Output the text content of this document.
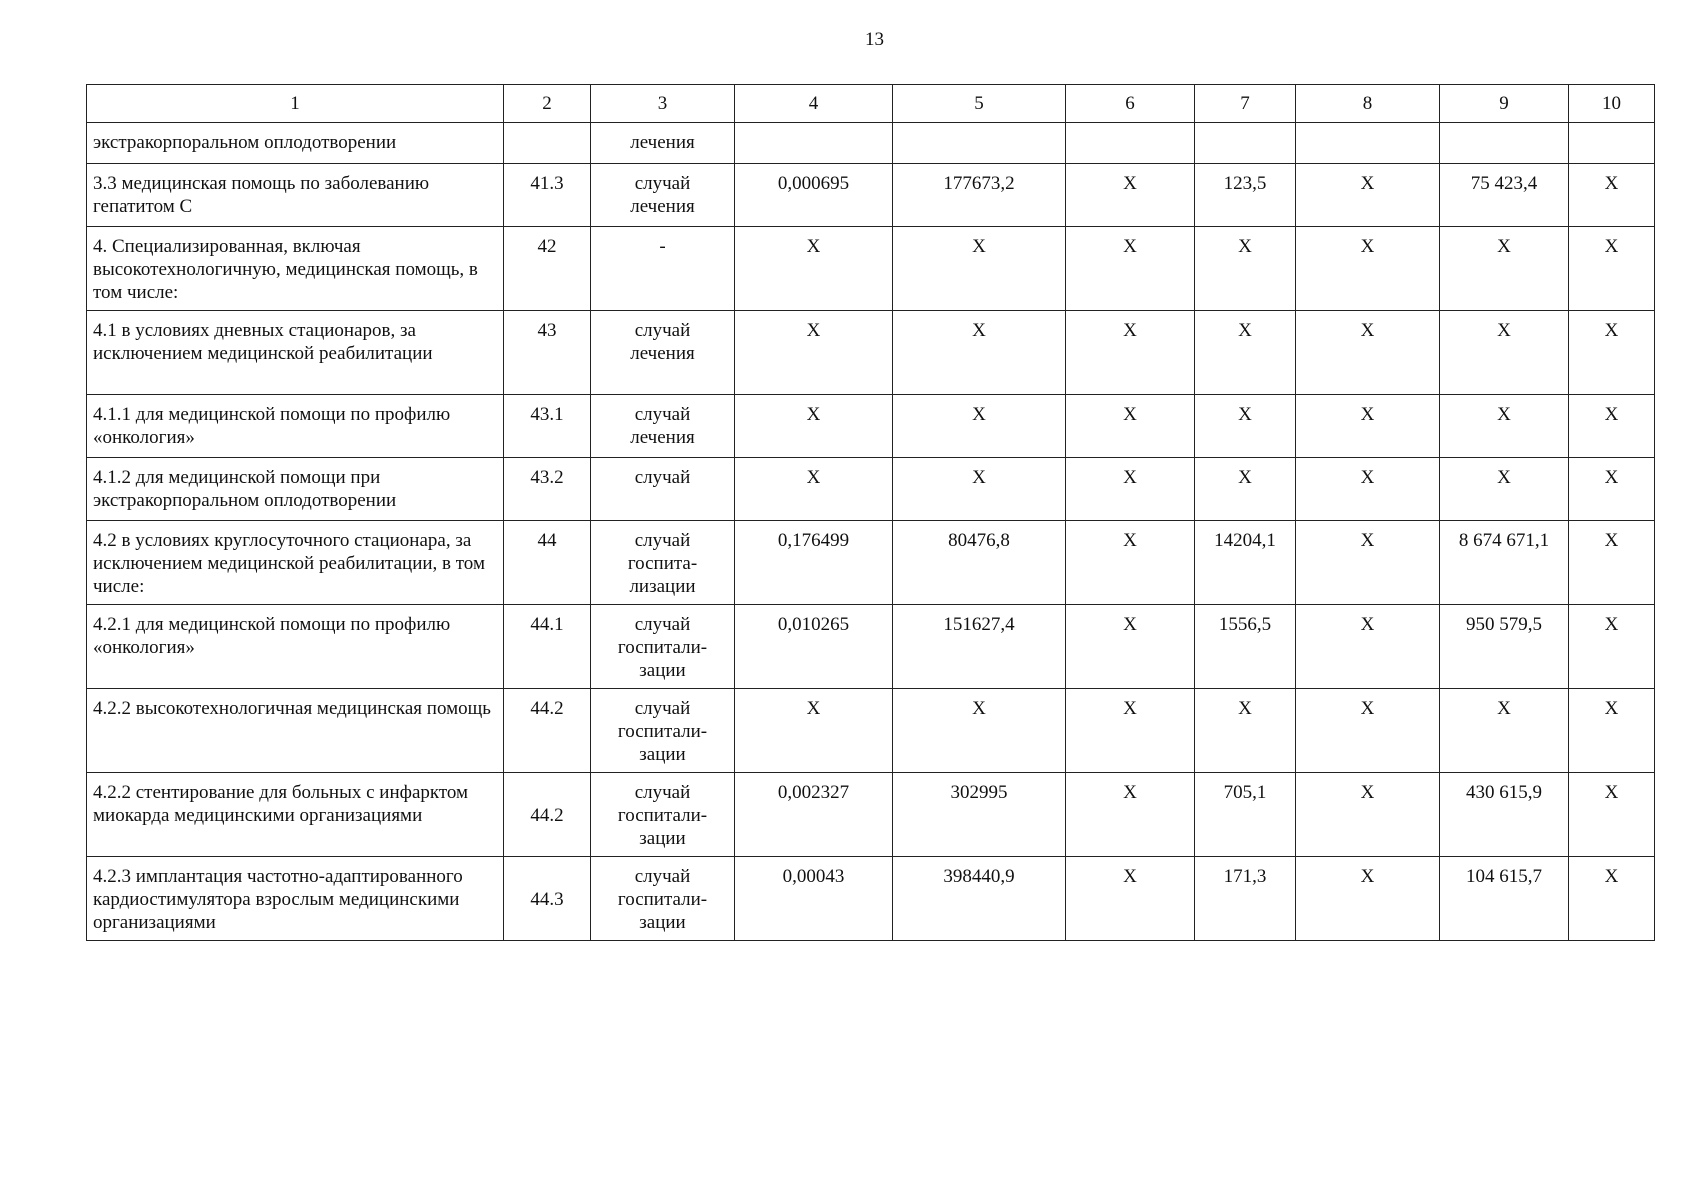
13
1	2	3	4	5	6	7	8	9	10
экстракорпоральном оплодотворении		лечения							

3.3 медицинская помощь по заболеванию гепатитом С	41.3	случай
лечения	0,000695	177673,2	Х	123,5	Х	75 423,4	Х
4. Специализированная, включая высокотехнологичную, медицинская помощь, в том числе:	42	-	Х	Х	Х	Х	Х	Х	Х
4.1 в условиях дневных стационаров, за исключением медицинской реабилитации	43	случай
лечения	Х	Х	Х	Х	Х	Х	Х
4.1.1 для медицинской помощи по профилю «онкология»	43.1	случай
лечения	Х	Х	Х	Х	Х	Х	Х
4.1.2 для медицинской помощи при экстракорпоральном оплодотворении	43.2	случай	Х	Х	Х	Х	Х	Х	Х
4.2 в условиях круглосуточного стационара, за исключением медицинской реабилитации, в том числе:	44	случай
госпита-
лизации	0,176499	80476,8	Х	14204,1	Х	8 674 671,1	Х
4.2.1 для медицинской помощи по профилю «онкология»	44.1	случай
госпитали-
зации	0,010265	151627,4	Х	1556,5	Х	950 579,5	Х
4.2.2 высокотехнологичная медицинская помощь	44.2	случай
госпитали-
зации	Х	Х	Х	Х	Х	Х	Х
4.2.2 стентирование для больных с инфарктом миокарда медицинскими организациями	44.2	случай
госпитали-
зации	0,002327	302995	Х	705,1	Х	430 615,9	Х
4.2.3 имплантация частотно-адаптированного кардиостимулятора взрослым медицинскими организациями	44.3	случай
госпитали-
зации	0,00043	398440,9	Х	171,3	Х	104 615,7	Х
